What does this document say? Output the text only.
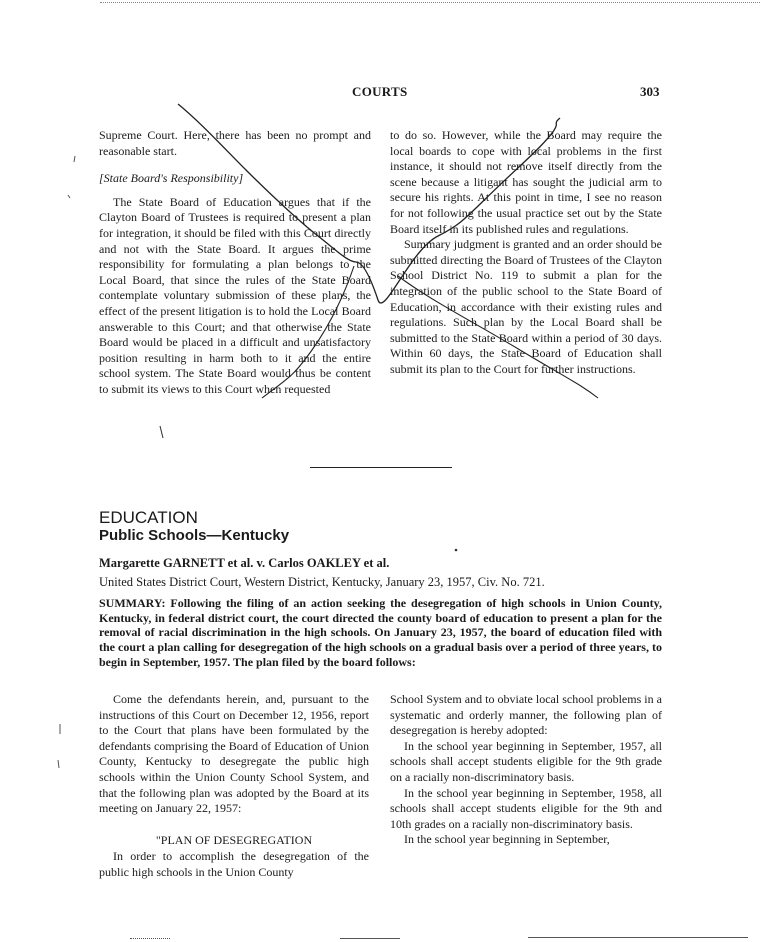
COURTS	303

Supreme Court. Here, there has been no prompt and reasonable start.

[State Board's Responsibility]

The State Board of Education argues that if the Clayton Board of Trustees is required to present a plan for integration, it should be filed with this Court directly and not with the State Board. It argues the prime responsibility for formulating a plan belongs to the Local Board, that since the rules of the State Board contemplate voluntary submission of these plans, the effect of the present litigation is to hold the Local Board answerable to this Court; and that otherwise the State Board would be placed in a difficult and unsatisfactory position resulting in harm both to it and the entire school system. The State Board would thus be content to submit its views to this Court when requested

to do so. However, while the Board may require the local boards to cope with local problems in the first instance, it should not remove itself directly from the scene because a litigant has sought the judicial arm to secure his rights. At this point in time, I see no reason for not following the usual practice set out by the State Board itself in its published rules and regulations.

Summary judgment is granted and an order should be submitted directing the Board of Trustees of the Clayton School District No. 119 to submit a plan for the integration of the public school to the State Board of Education, in accordance with their existing rules and regulations. Such plan by the Local Board shall be submitted to the State Board within a period of 30 days. Within 60 days, the State Board of Education shall submit its plan to the Court for further instructions.

EDUCATION
Public Schools—Kentucky
Margarette GARNETT et al. v. Carlos OAKLEY et al.
United States District Court, Western District, Kentucky, January 23, 1957, Civ. No. 721.
SUMMARY: Following the filing of an action seeking the desegregation of high schools in Union County, Kentucky, in federal district court, the court directed the county board of education to present a plan for the removal of racial discrimination in the high schools. On January 23, 1957, the board of education filed with the court a plan calling for desegregation of the high schools on a gradual basis over a period of three years, to begin in September, 1957. The plan filed by the board follows:

Come the defendants herein, and, pursuant to the instructions of this Court on December 12, 1956, report to the Court that plans have been formulated by the defendants comprising the Board of Education of Union County, Kentucky to desegregate the public high schools within the Union County School System, and that the following plan was adopted by the Board at its meeting on January 22, 1957:

"PLAN OF DESEGREGATION

In order to accomplish the desegregation of the public high schools in the Union County

School System and to obviate local school problems in a systematic and orderly manner, the following plan of desegregation is hereby adopted:

In the school year beginning in September, 1957, all schools shall accept students eligible for the 9th grade on a racially non-discriminatory basis.

In the school year beginning in September, 1958, all schools shall accept students eligible for the 9th and 10th grades on a racially non-discriminatory basis.

In the school year beginning in September,
